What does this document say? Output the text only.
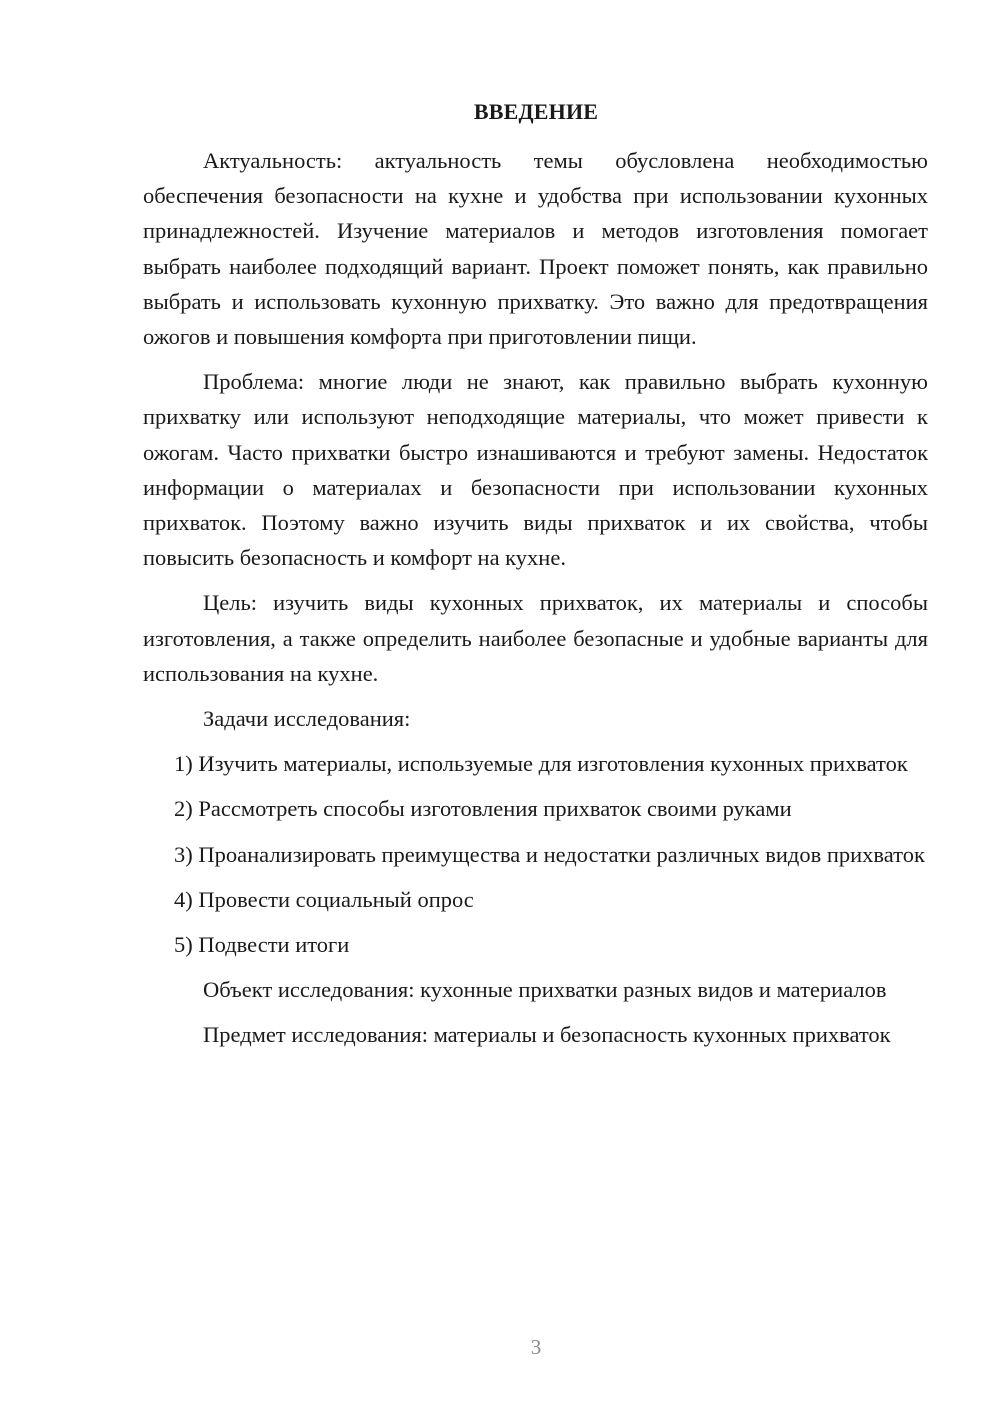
ВВЕДЕНИЕ

Актуальность: актуальность темы обусловлена необходимостью обеспечения безопасности на кухне и удобства при использовании кухонных принадлежностей. Изучение материалов и методов изготовления помогает выбрать наиболее подходящий вариант. Проект поможет понять, как правильно выбрать и использовать кухонную прихватку. Это важно для предотвращения ожогов и повышения комфорта при приготовлении пищи.

Проблема: многие люди не знают, как правильно выбрать кухонную прихватку или используют неподходящие материалы, что может привести к ожогам. Часто прихватки быстро изнашиваются и требуют замены. Недостаток информации о материалах и безопасности при использовании кухонных прихваток. Поэтому важно изучить виды прихваток и их свойства, чтобы повысить безопасность и комфорт на кухне.

Цель: изучить виды кухонных прихваток, их материалы и способы изготовления, а также определить наиболее безопасные и удобные варианты для использования на кухне.

Задачи исследования:

1) Изучить материалы, используемые для изготовления кухонных прихваток

2) Рассмотреть способы изготовления прихваток своими руками

3) Проанализировать преимущества и недостатки различных видов прихваток

4) Провести социальный опрос

5) Подвести итоги

Объект исследования: кухонные прихватки разных видов и материалов

Предмет исследования: материалы и безопасность кухонных прихваток

3
